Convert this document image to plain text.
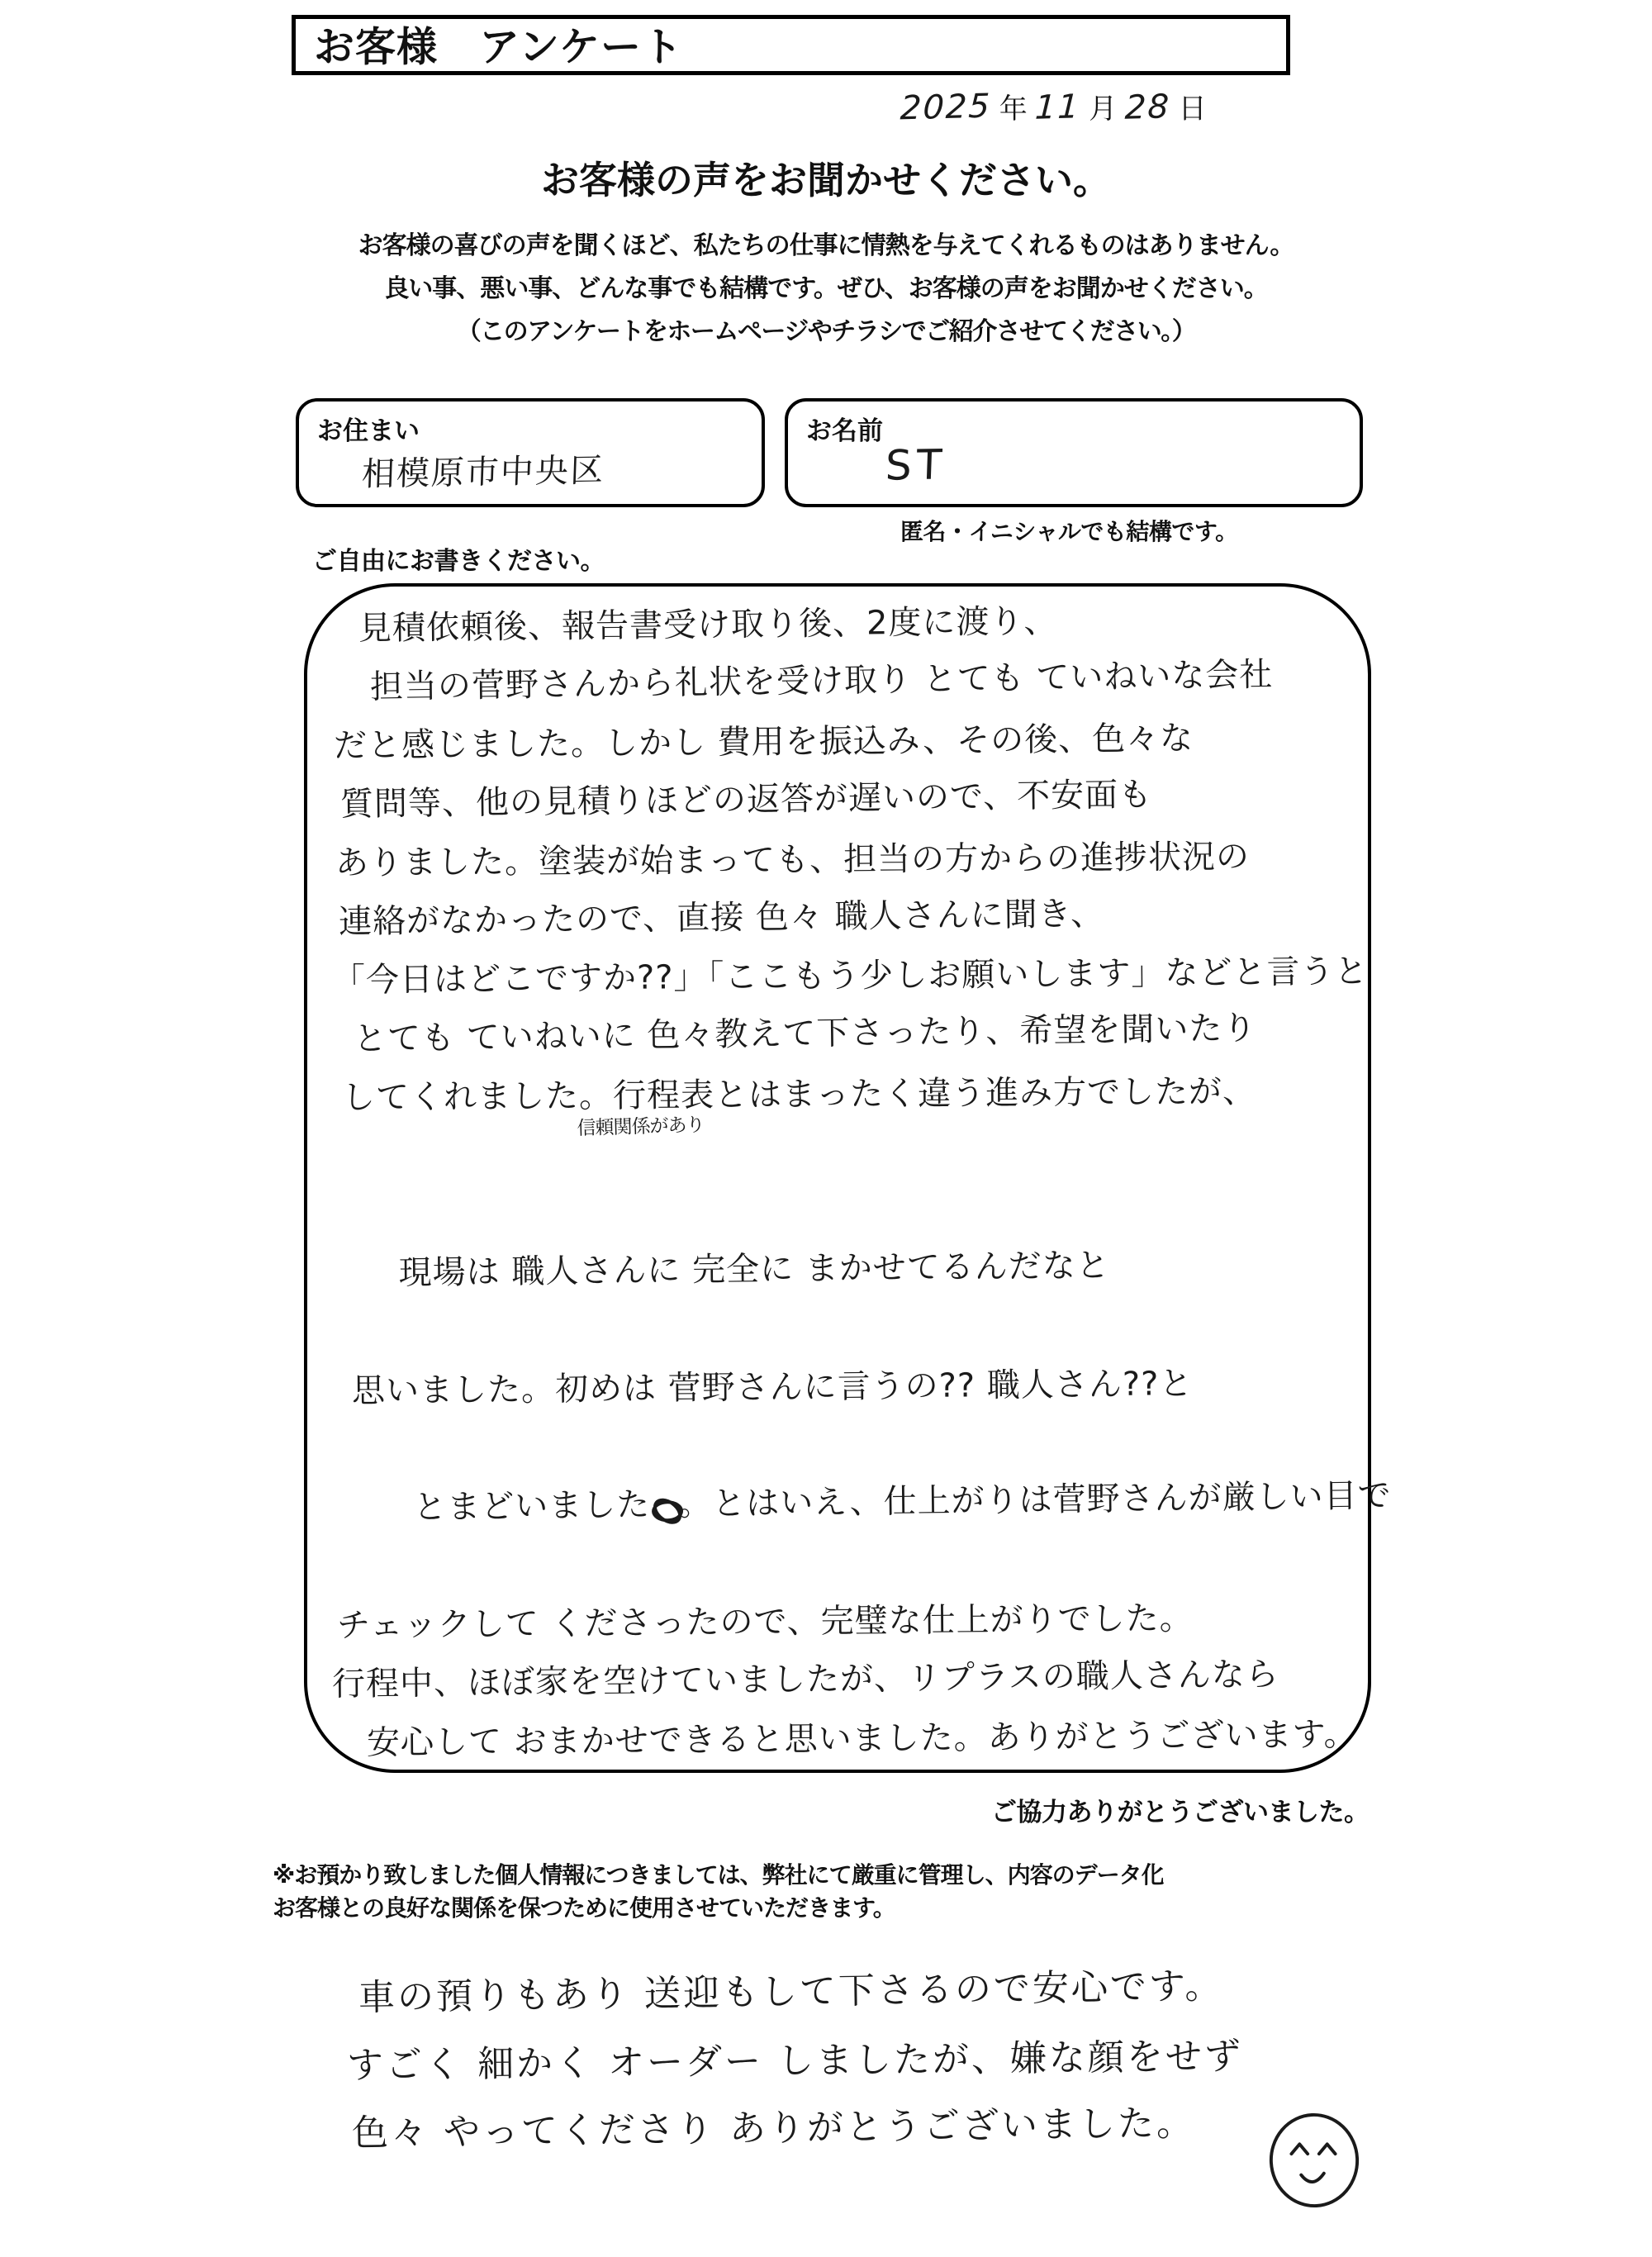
お客様　アンケート
2025 年 11 月 28 日
お客様の声をお聞かせください。
お客様の喜びの声を聞くほど、私たちの仕事に情熱を与えてくれるものはありません。
良い事、悪い事、どんな事でも結構です。ぜひ、お客様の声をお聞かせください。
（このアンケートをホームページやチラシでご紹介させてください。）
お住まい
相模原市中央区
お名前
ST
匿名・イニシャルでも結構です。
ご自由にお書きください。
見積依頼後、報告書受け取り後、2度に渡り、
担当の菅野さんから礼状を受け取り とても ていねいな会社
だと感じました。しかし 費用を振込み、その後、色々な
質問等、他の見積りほどの返答が遅いので、不安面も
ありました。塗装が始まっても、担当の方からの進捗状況の
連絡がなかったので、直接 色々 職人さんに聞き、
「今日はどこですか??」「ここもう少しお願いします」などと言うと
とても ていねいに 色々教えて下さったり、希望を聞いたり
してくれました。行程表とはまったく違う進み方でしたが、

信頼関係があり

現場は 職人さんに 完全に まかせてるんだなと

思いました。初めは 菅野さんに言うの?? 職人さん??と

とまどいました 。とはいえ、仕上がりは菅野さんが厳しい目で

チェックして くださったので、完璧な仕上がりでした。
行程中、ほぼ家を空けていましたが、リプラスの職人さんなら
安心して おまかせできると思いました。ありがとうございます。
ご協力ありがとうございました。
※お預かり致しました個人情報につきましては、弊社にて厳重に管理し、内容のデータ化
お客様との良好な関係を保つために使用させていただきます。
車の預りもあり 送迎もして下さるので安心です。
すごく 細かく オーダー しましたが、嫌な顔をせず
色々 やってくださり ありがとうございました。
